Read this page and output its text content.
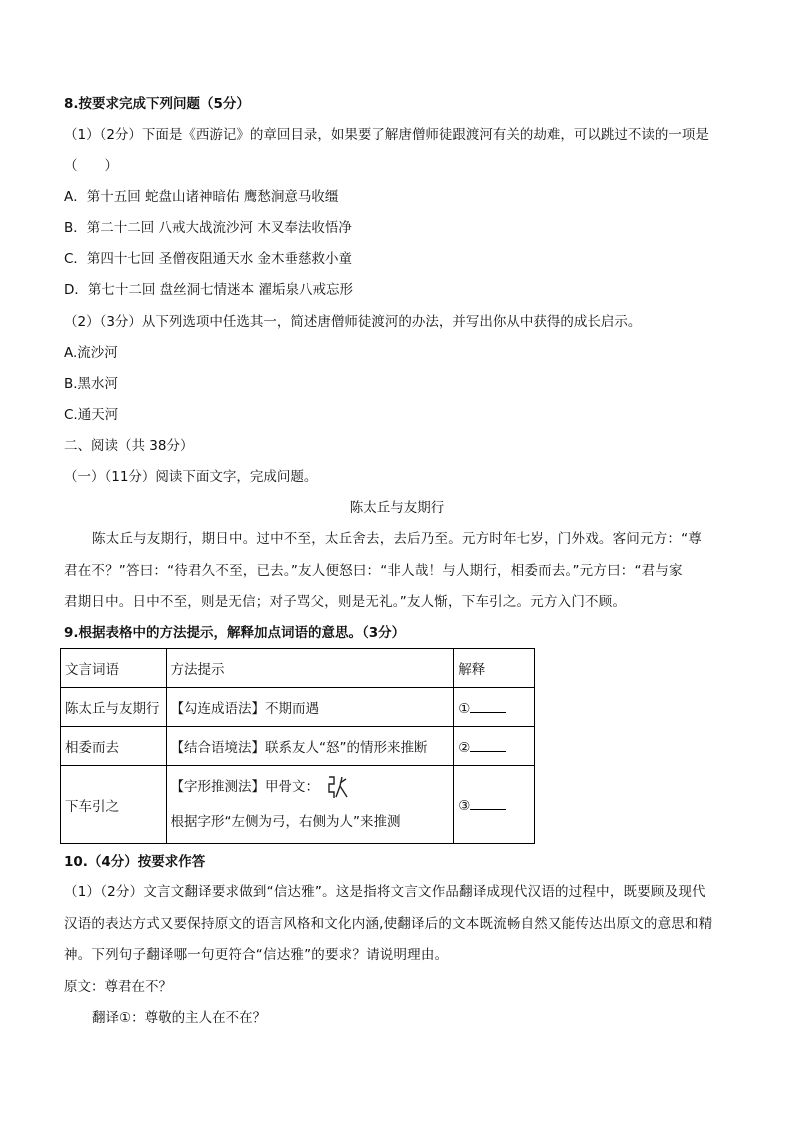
8.按要求完成下列问题（5分）
（1）（2分）下面是《西游记》的章回目录，如果要了解唐僧师徒跟渡河有关的劫难，可以跳过不读的一项是
（　　）
A．第十五回 蛇盘山诸神暗佑 鹰愁涧意马收缰
B．第二十二回 八戒大战流沙河 木叉奉法收悟净
C．第四十七回 圣僧夜阻通天水 金木垂慈救小童
D．第七十二回 盘丝洞七情迷本 濯垢泉八戒忘形
（2）（3分）从下列选项中任选其一，简述唐僧师徒渡河的办法，并写出你从中获得的成长启示。
A.流沙河
B.黑水河
C.通天河
二、阅读（共 38分）
（一）（11分）阅读下面文字，完成问题。
陈太丘与友期行

陈太丘与友期行，期日中。过中不至，太丘舍去，去后乃至。元方时年七岁，门外戏。客问元方：“尊

君在不？”答曰：“待君久不至，已去。”友人便怒曰：“非人哉！与人期行，相委而去。”元方曰：“君与家

君期日中。日中不至，则是无信；对子骂父，则是无礼。”友人惭，下车引之。元方入门不顾。

9.根据表格中的方法提示，解释加点词语的意思。（3分）
文言词语	方法提示	解释
陈太丘与友期行	【勾连成语法】不期而遇	①
相委而去	【结合语境法】联系友人“怒”的情形来推断	②
下车引之	【字形推测法】甲骨文：
根据字形“左侧为弓，右侧为人”来推测	③
10.（4分）按要求作答

（1）（2分）文言文翻译要求做到“信达雅”。这是指将文言文作品翻译成现代汉语的过程中，既要顾及现代

汉语的表达方式又要保持原文的语言风格和文化内涵,使翻译后的文本既流畅自然又能传达出原文的意思和精

神。下列句子翻译哪一句更符合“信达雅”的要求？请说明理由。

原文：尊君在不？
翻译①：尊敬的主人在不在？
